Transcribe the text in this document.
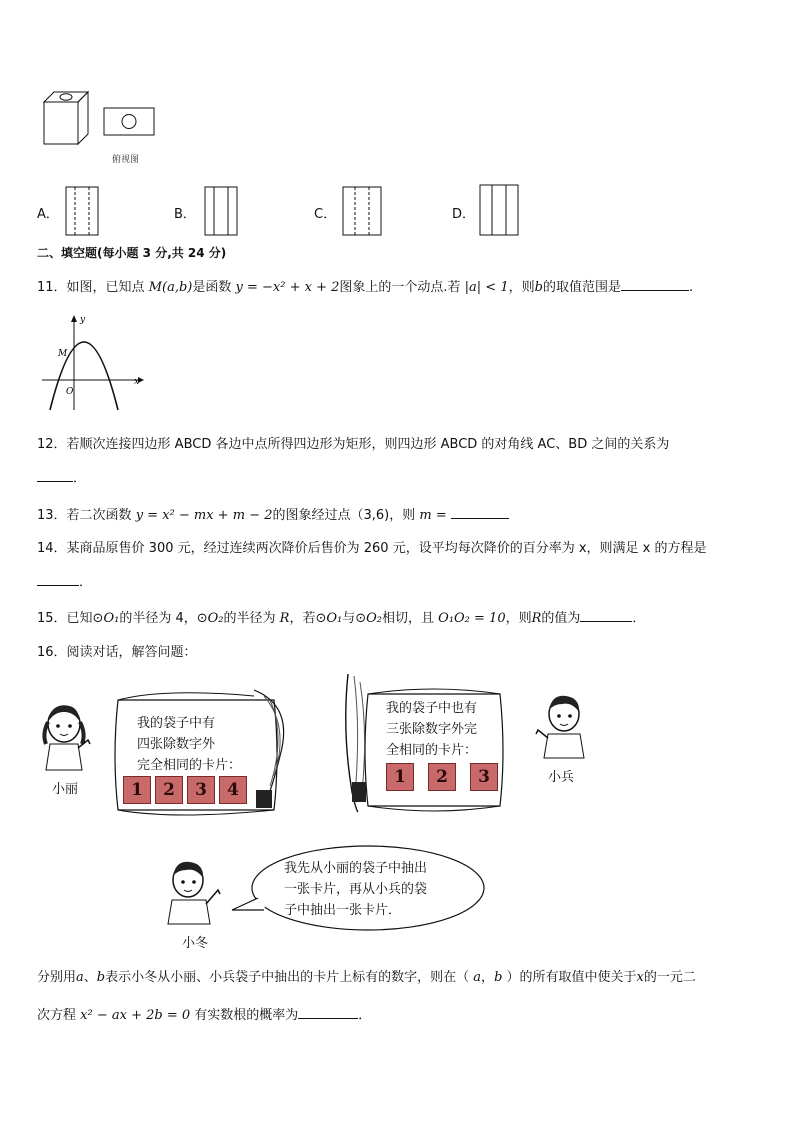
俯视图
A．	B．	C．	D．
二、填空题(每小题 3 分,共 24 分)
11．如图，已知点 M(a,b)是函数 y = −x² + x + 2图象上的一个动点.若 |a| < 1，则b的取值范围是	.
y
x
M
O
12．若顺次连接四边形 ABCD 各边中点所得四边形为矩形，则四边形 ABCD 的对角线 AC、BD 之间的关系为
．
13．若二次函数 y = x² − mx + m − 2的图象经过点（3,6)，则 m =
14．某商品原售价 300 元，经过连续两次降价后售价为 260 元，设平均每次降价的百分率为 x，则满足 x 的方程是
．
15．已知⊙O₁的半径为 4，⊙O₂的半径为 R，若⊙O₁与⊙O₂相切，且 O₁O₂ = 10，则R的值为	．
16．阅读对话，解答问题：
小丽
我的袋子中有
四张除数字外
完全相同的卡片：
1	2	3	4
我的袋子中也有
三张除数字外完
全相同的卡片：
1	2	3	小兵
小冬
我先从小丽的袋子中抽出
一张卡片，再从小兵的袋
子中抽出一张卡片．
分别用a、b表示小冬从小丽、小兵袋子中抽出的卡片上标有的数字，则在（ a，b ）的所有取值中使关于x的一元二
次方程 x² − ax + 2b = 0 有实数根的概率为	．
